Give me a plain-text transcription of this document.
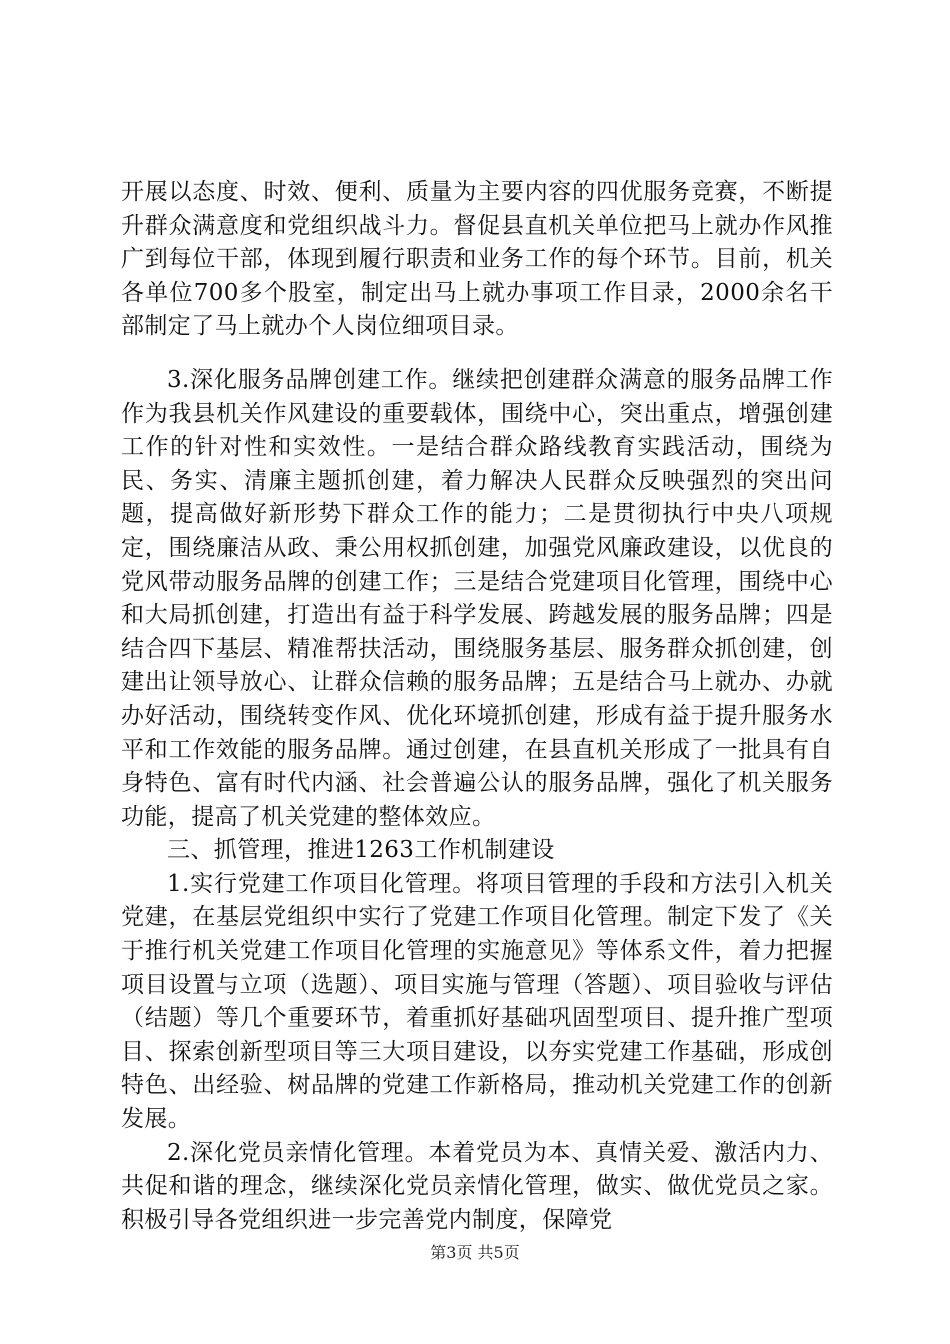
开展以态度、时效、便利、质量为主要内容的四优服务竞赛，不断提升群众满意度和党组织战斗力。督促县直机关单位把马上就办作风推广到每位干部，体现到履行职责和业务工作的每个环节。目前，机关各单位700多个股室，制定出马上就办事项工作目录，2000余名干部制定了马上就办个人岗位细项目录。

3.深化服务品牌创建工作。继续把创建群众满意的服务品牌工作作为我县机关作风建设的重要载体，围绕中心，突出重点，增强创建工作的针对性和实效性。一是结合群众路线教育实践活动，围绕为民、务实、清廉主题抓创建，着力解决人民群众反映强烈的突出问题，提高做好新形势下群众工作的能力；二是贯彻执行中央八项规定，围绕廉洁从政、秉公用权抓创建，加强党风廉政建设，以优良的党风带动服务品牌的创建工作；三是结合党建项目化管理，围绕中心和大局抓创建，打造出有益于科学发展、跨越发展的服务品牌；四是结合四下基层、精准帮扶活动，围绕服务基层、服务群众抓创建，创建出让领导放心、让群众信赖的服务品牌；五是结合马上就办、办就办好活动，围绕转变作风、优化环境抓创建，形成有益于提升服务水平和工作效能的服务品牌。通过创建，在县直机关形成了一批具有自身特色、富有时代内涵、社会普遍公认的服务品牌，强化了机关服务功能，提高了机关党建的整体效应。

三、抓管理，推进1263工作机制建设

1.实行党建工作项目化管理。将项目管理的手段和方法引入机关党建，在基层党组织中实行了党建工作项目化管理。制定下发了《关于推行机关党建工作项目化管理的实施意见》等体系文件，着力把握项目设置与立项（选题）、项目实施与管理（答题）、项目验收与评估（结题）等几个重要环节，着重抓好基础巩固型项目、提升推广型项目、探索创新型项目等三大项目建设，以夯实党建工作基础，形成创特色、出经验、树品牌的党建工作新格局，推动机关党建工作的创新发展。

2.深化党员亲情化管理。本着党员为本、真情关爱、激活内力、共促和谐的理念，继续深化党员亲情化管理，做实、做优党员之家。积极引导各党组织进一步完善党内制度，保障党

第3页 共5页
